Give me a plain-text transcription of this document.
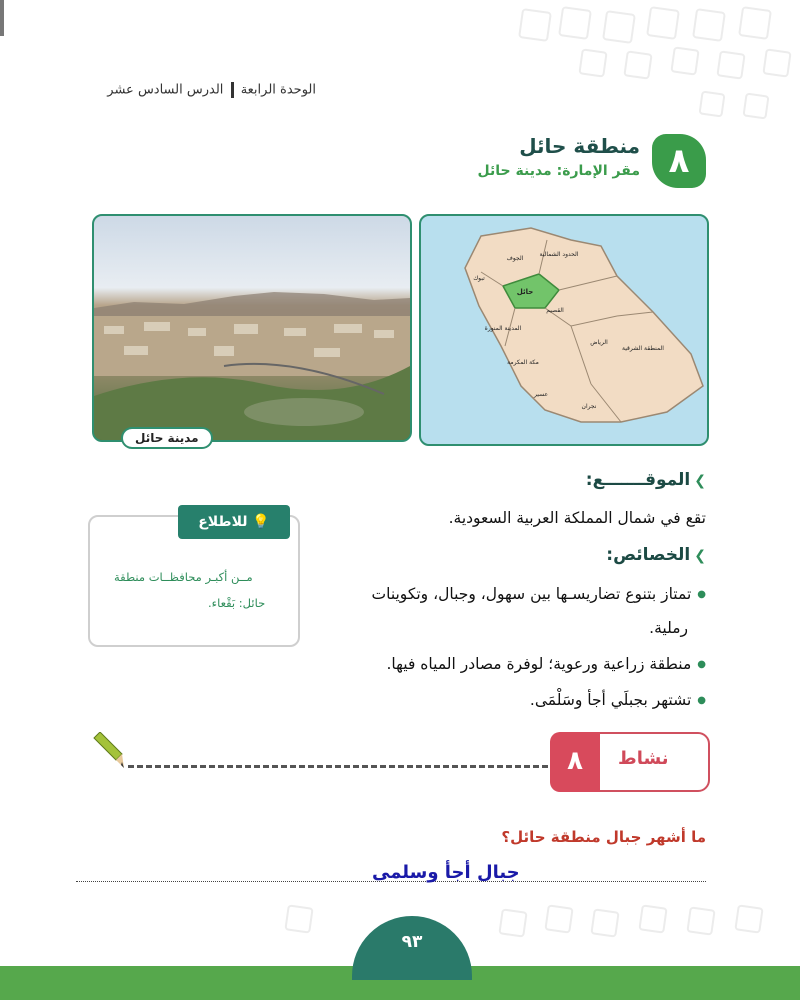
الوحدة الرابعة  الدرس السادس عشر
٨
منطقة حائل
مقر الإمارة: مدينة حائل
مدينة حائل
الجوف
الحدود الشمالية
تبوك
حائل
القصيم
المدينة المنورة
الرياض
المنطقة الشرقية
مكة المكرمة
عسير
نجران
❯الموقـــــــع:
تقع في شمال المملكة العربية السعودية.
❯الخصائص:
●تمتاز بتنوع تضاريسـها بين سهول، وجبال، وتكوينات
رملية.
●منطقة زراعية ورعوية؛ لوفرة مصادر المياه فيها.
●تشتهر بجبلَي أجأ وسَلْمَى.
💡 للاطلاع
مــن أكبـر محافظــات منطقة
حائل: بَقْعاء.
٨	نشاط
ما أشهر جبال منطقة حائل؟
جبال أجأ وسلمى
٩٣
